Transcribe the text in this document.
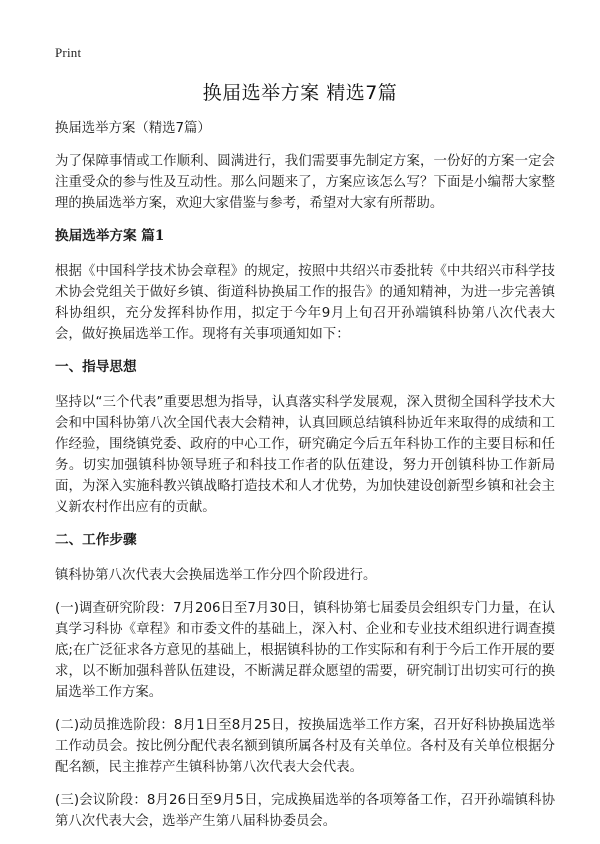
Print
换届选举方案 精选7篇

换届选举方案（精选7篇）

为了保障事情或工作顺利、圆满进行，我们需要事先制定方案，一份好的方案一定会注重受众的参与性及互动性。那么问题来了，方案应该怎么写？下面是小编帮大家整理的换届选举方案，欢迎大家借鉴与参考，希望对大家有所帮助。

换届选举方案 篇1

根据《中国科学技术协会章程》的规定，按照中共绍兴市委批转《中共绍兴市科学技术协会党组关于做好乡镇、街道科协换届工作的报告》的通知精神，为进一步完善镇科协组织，充分发挥科协作用，拟定于今年9月上旬召开孙端镇科协第八次代表大会，做好换届选举工作。现将有关事项通知如下：

一、指导思想

坚持以“三个代表”重要思想为指导，认真落实科学发展观，深入贯彻全国科学技术大会和中国科协第八次全国代表大会精神，认真回顾总结镇科协近年来取得的成绩和工作经验，围绕镇党委、政府的中心工作，研究确定今后五年科协工作的主要目标和任务。切实加强镇科协领导班子和科技工作者的队伍建设，努力开创镇科协工作新局面，为深入实施科教兴镇战略打造技术和人才优势，为加快建设创新型乡镇和社会主义新农村作出应有的贡献。

二、工作步骤

镇科协第八次代表大会换届选举工作分四个阶段进行。

(一)调查研究阶段：7月206日至7月30日，镇科协第七届委员会组织专门力量，在认真学习科协《章程》和市委文件的基础上，深入村、企业和专业技术组织进行调查摸底;在广泛征求各方意见的基础上，根据镇科协的工作实际和有利于今后工作开展的要求，以不断加强科普队伍建设，不断满足群众愿望的需要，研究制订出切实可行的换届选举工作方案。

(二)动员推选阶段：8月1日至8月25日，按换届选举工作方案，召开好科协换届选举工作动员会。按比例分配代表名额到镇所属各村及有关单位。各村及有关单位根据分配名额，民主推荐产生镇科协第八次代表大会代表。

(三)会议阶段：8月26日至9月5日，完成换届选举的各项筹备工作，召开孙端镇科协第八次代表大会，选举产生第八届科协委员会。
